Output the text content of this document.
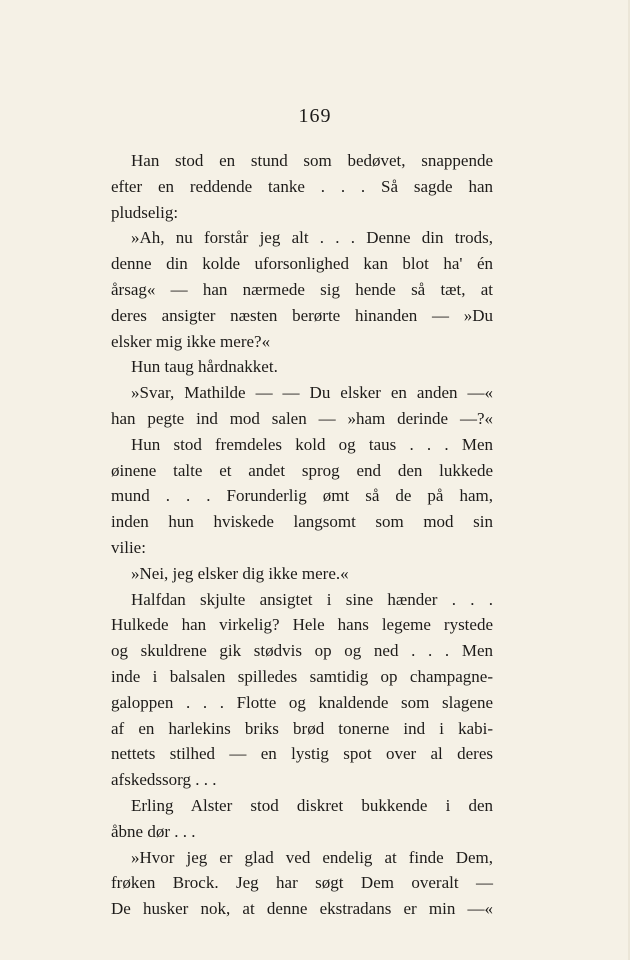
169
Han stod en stund som bedøvet, snappende
efter en reddende tanke . . . Så sagde han
pludselig:
»Ah, nu forstår jeg alt . . . Denne din trods,
denne din kolde uforsonlighed kan blot ha' én
årsag« — han nærmede sig hende så tæt, at
deres ansigter næsten berørte hinanden — »Du
elsker mig ikke mere?«
Hun taug hårdnakket.
»Svar, Mathilde — — Du elsker en anden —«
han pegte ind mod salen — »ham derinde —?«
Hun stod fremdeles kold og taus . . . Men
øinene talte et andet sprog end den lukkede
mund . . . Forunderlig ømt så de på ham,
inden hun hviskede langsomt som mod sin
vilie:
»Nei, jeg elsker dig ikke mere.«
Halfdan skjulte ansigtet i sine hænder . . .
Hulkede han virkelig? Hele hans legeme rystede
og skuldrene gik stødvis op og ned . . . Men
inde i balsalen spilledes samtidig op champagne-
galoppen . . . Flotte og knaldende som slagene
af en harlekins briks brød tonerne ind i kabi-
nettets stilhed — en lystig spot over al deres
afskedssorg . . .
Erling Alster stod diskret bukkende i den
åbne dør . . .
»Hvor jeg er glad ved endelig at finde Dem,
frøken Brock. Jeg har søgt Dem overalt —
De husker nok, at denne ekstradans er min —«
